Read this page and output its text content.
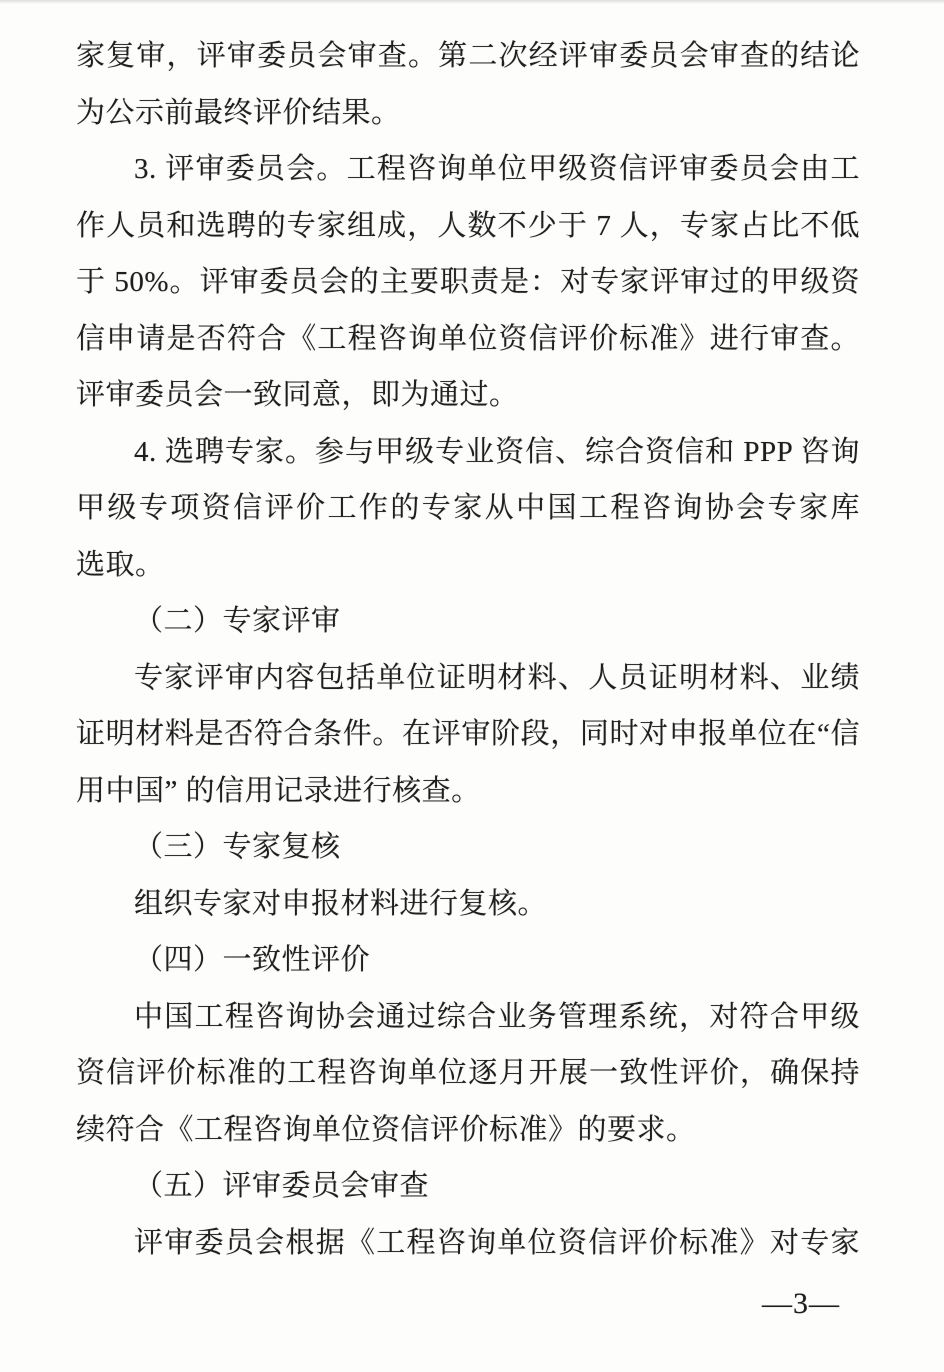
家复审，评审委员会审查。第二次经评审委员会审查的结论
为公示前最终评价结果。
3. 评审委员会。工程咨询单位甲级资信评审委员会由工
作人员和选聘的专家组成，人数不少于 7 人，专家占比不低
于 50%。评审委员会的主要职责是：对专家评审过的甲级资
信申请是否符合《工程咨询单位资信评价标准》进行审查。
评审委员会一致同意，即为通过。
4. 选聘专家。参与甲级专业资信、综合资信和 PPP 咨询
甲级专项资信评价工作的专家从中国工程咨询协会专家库
选取。
（二）专家评审
专家评审内容包括单位证明材料、人员证明材料、业绩
证明材料是否符合条件。在评审阶段，同时对申报单位在“信
用中国” 的信用记录进行核查。
（三）专家复核
组织专家对申报材料进行复核。
（四）一致性评价
中国工程咨询协会通过综合业务管理系统，对符合甲级
资信评价标准的工程咨询单位逐月开展一致性评价，确保持
续符合《工程咨询单位资信评价标准》的要求。
（五）评审委员会审查
评审委员会根据《工程咨询单位资信评价标准》对专家
—3—
